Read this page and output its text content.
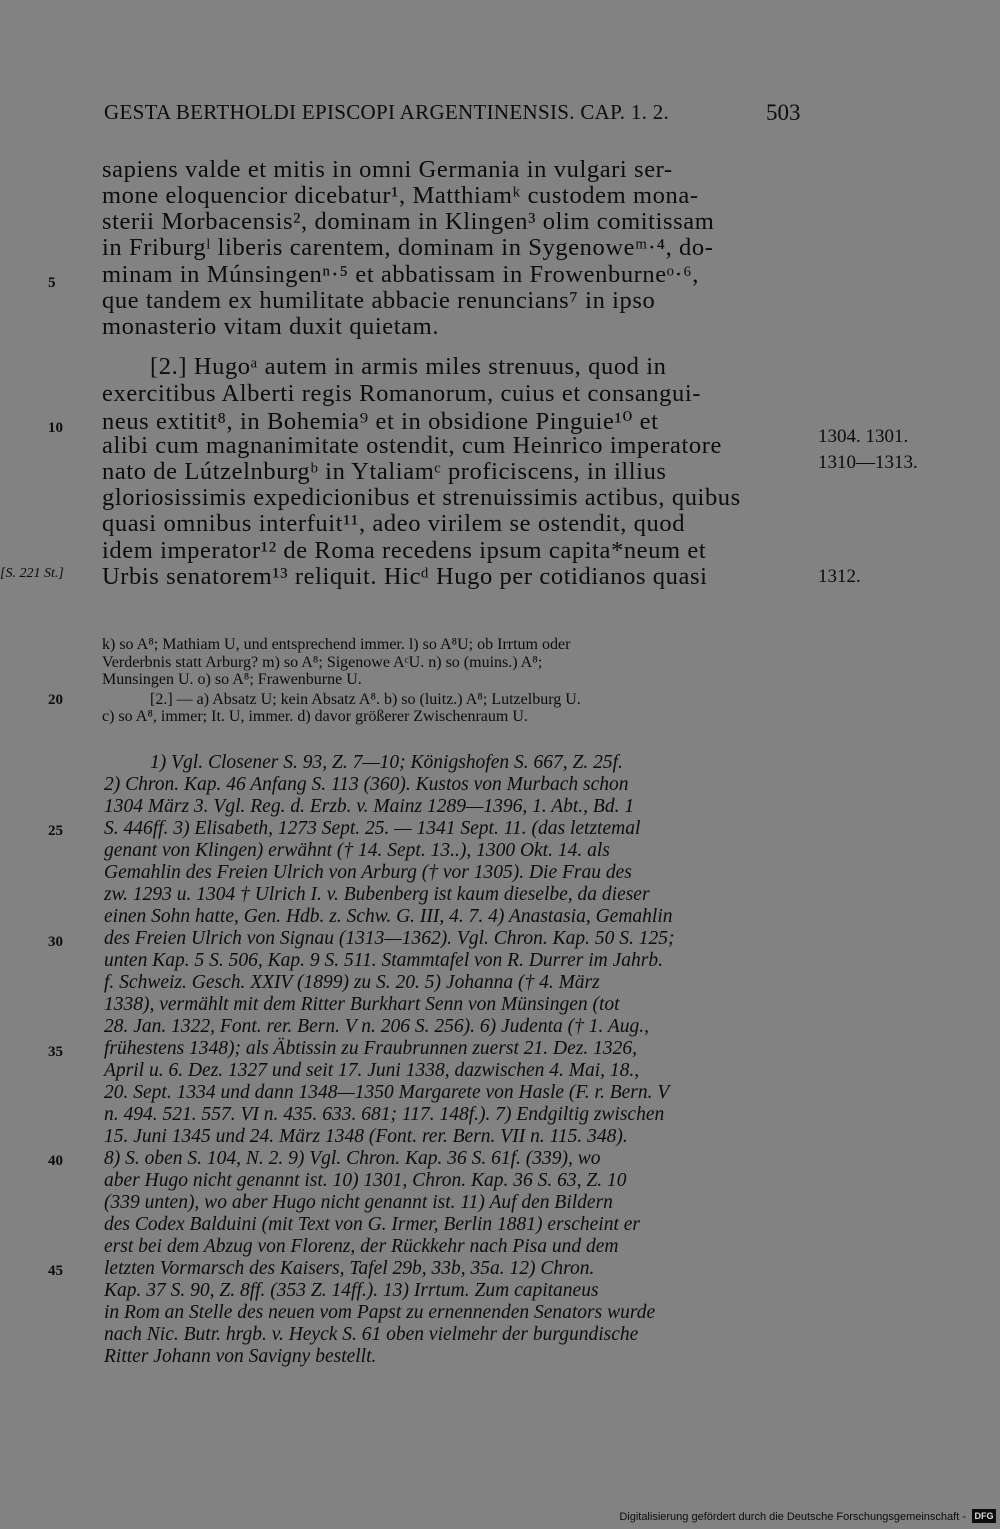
GESTA BERTHOLDI EPISCOPI ARGENTINENSIS. CAP. 1. 2.	503

sapiens valde et mitis in omni Germania in vulgari ser-

mone eloquencior dicebatur¹, Matthiamᵏ custodem mona-

sterii Morbacensis², dominam in Klingen³ olim comitissam

in Friburgˡ liberis carentem, dominam in Sygenoweᵐ·⁴, do-

minam in Múnsingenⁿ·⁵ et abbatissam in Frowenburneᵒ·⁶,

que tandem ex humilitate abbacie renuncians⁷ in ipso

monasterio vitam duxit quietam.

[2.] Hugoᵃ autem in armis miles strenuus, quod in

exercitibus Alberti regis Romanorum, cuius et consangui-

neus extitit⁸, in Bohemia⁹ et in obsidione Pinguie¹⁰ et

alibi cum magnanimitate ostendit, cum Heinrico imperatore

nato de Lútzelnburgᵇ in Ytaliamᶜ proficiscens, in illius

gloriosissimis expedicionibus et strenuissimis actibus, quibus

quasi omnibus interfuit¹¹, adeo virilem se ostendit, quod

idem imperator¹² de Roma recedens ipsum capita*neum et

Urbis senatorem¹³ reliquit. Hicᵈ Hugo per cotidianos quasi

5
10
20
25
30
35
40
45
1304. 1301.
1310—1313.
1312.
[S. 221 St.]

k) so A⁸; Mathiam U, und entsprechend immer. l) so A⁸U; ob Irrtum oder

Verderbnis statt Arburg? m) so A⁸; Sigenowe AᶜU. n) so (muins.) A⁸;

Munsingen U. o) so A⁸; Frawenburne U.

[2.] — a) Absatz U; kein Absatz A⁸. b) so (luitz.) A⁸; Lutzelburg U.

c) so A⁸, immer; It. U, immer. d) davor größerer Zwischenraum U.

1) Vgl. Closener S. 93, Z. 7—10; Königshofen S. 667, Z. 25f.

2) Chron. Kap. 46 Anfang S. 113 (360). Kustos von Murbach schon

1304 März 3. Vgl. Reg. d. Erzb. v. Mainz 1289—1396, 1. Abt., Bd. 1

S. 446ff. 3) Elisabeth, 1273 Sept. 25. — 1341 Sept. 11. (das letztemal

genant von Klingen) erwähnt († 14. Sept. 13..), 1300 Okt. 14. als

Gemahlin des Freien Ulrich von Arburg († vor 1305). Die Frau des

zw. 1293 u. 1304 † Ulrich I. v. Bubenberg ist kaum dieselbe, da dieser

einen Sohn hatte, Gen. Hdb. z. Schw. G. III, 4. 7. 4) Anastasia, Gemahlin

des Freien Ulrich von Signau (1313—1362). Vgl. Chron. Kap. 50 S. 125;

unten Kap. 5 S. 506, Kap. 9 S. 511. Stammtafel von R. Durrer im Jahrb.

f. Schweiz. Gesch. XXIV (1899) zu S. 20. 5) Johanna († 4. März

1338), vermählt mit dem Ritter Burkhart Senn von Münsingen (tot

28. Jan. 1322, Font. rer. Bern. V n. 206 S. 256). 6) Judenta († 1. Aug.,

frühestens 1348); als Äbtissin zu Fraubrunnen zuerst 21. Dez. 1326,

April u. 6. Dez. 1327 und seit 17. Juni 1338, dazwischen 4. Mai, 18.,

20. Sept. 1334 und dann 1348—1350 Margarete von Hasle (F. r. Bern. V

n. 494. 521. 557. VI n. 435. 633. 681; 117. 148f.). 7) Endgiltig zwischen

15. Juni 1345 und 24. März 1348 (Font. rer. Bern. VII n. 115. 348).

8) S. oben S. 104, N. 2. 9) Vgl. Chron. Kap. 36 S. 61f. (339), wo

aber Hugo nicht genannt ist. 10) 1301, Chron. Kap. 36 S. 63, Z. 10

(339 unten), wo aber Hugo nicht genannt ist. 11) Auf den Bildern

des Codex Balduini (mit Text von G. Irmer, Berlin 1881) erscheint er

erst bei dem Abzug von Florenz, der Rückkehr nach Pisa und dem

letzten Vormarsch des Kaisers, Tafel 29b, 33b, 35a. 12) Chron.

Kap. 37 S. 90, Z. 8ff. (353 Z. 14ff.). 13) Irrtum. Zum capitaneus

in Rom an Stelle des neuen vom Papst zu ernennenden Senators wurde

nach Nic. Butr. hrgb. v. Heyck S. 61 oben vielmehr der burgundische

Ritter Johann von Savigny bestellt.

Digitalisierung gefördert durch die Deutsche Forschungsgemeinschaft - DFG
